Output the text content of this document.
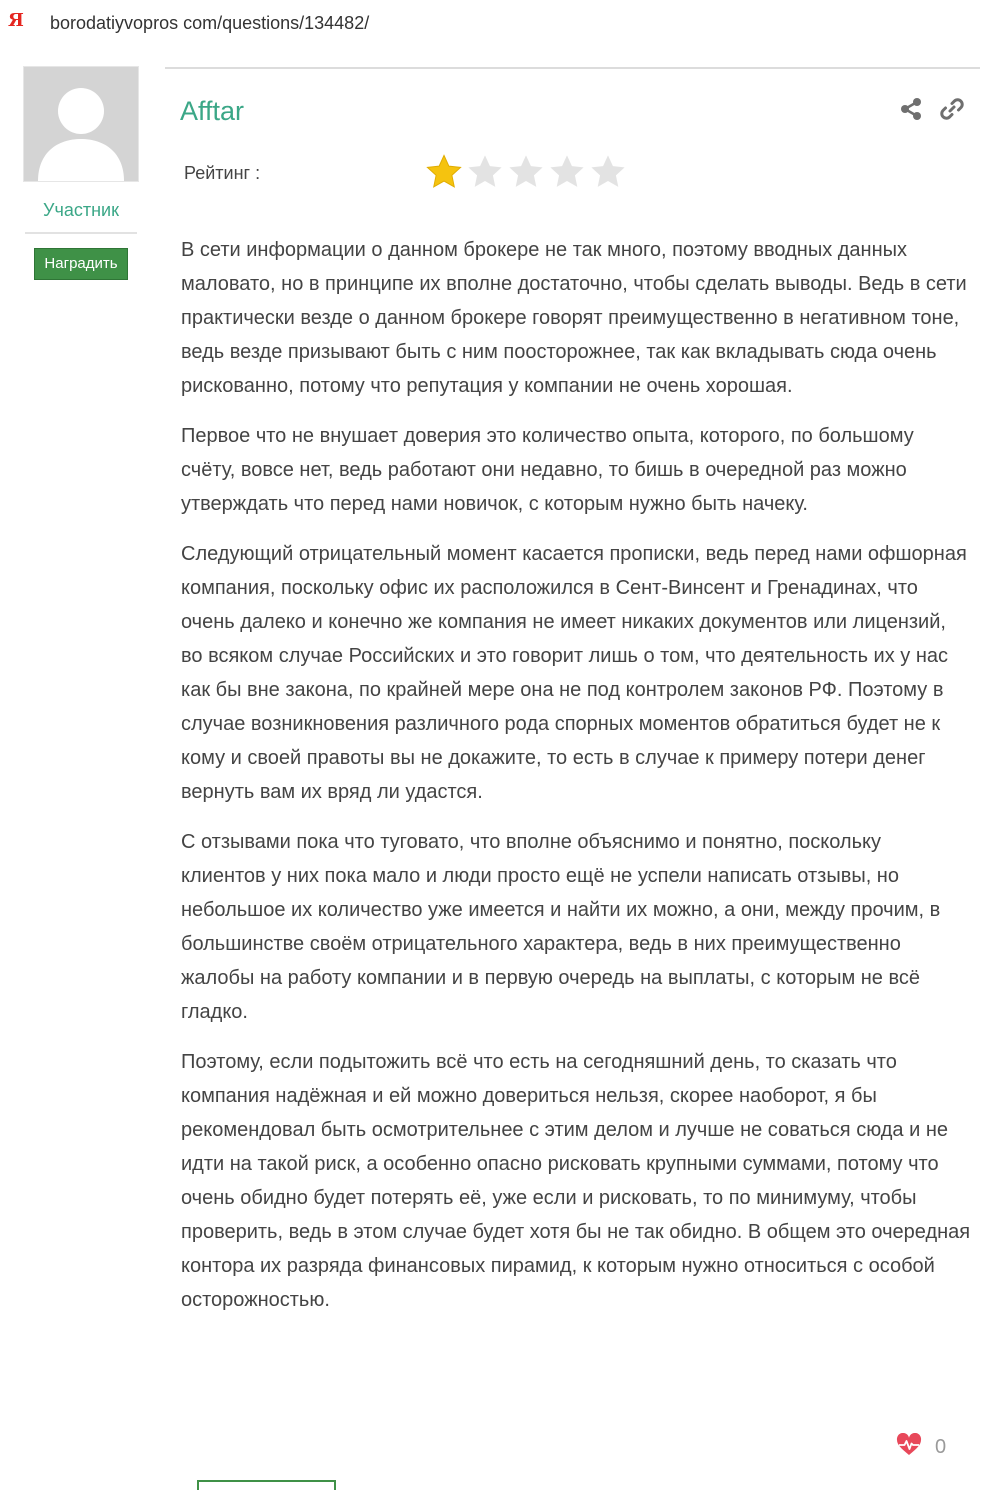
Я borodatiyvopros com/questions/134482/
Участник
Наградить
Afftar
Рейтинг :

В сети информации о данном брокере не так много, поэтому вводных данных маловато, но в принципе их вполне достаточно, чтобы сделать выводы. Ведь в сети практически везде о данном брокере говорят преимущественно в негативном тоне, ведь везде призывают быть с ним поосторожнее, так как вкладывать сюда очень рискованно, потому что репутация у компании не очень хорошая.

Первое что не внушает доверия это количество опыта, которого, по большому счёту, вовсе нет, ведь работают они недавно, то бишь в очередной раз можно утверждать что перед нами новичок, с которым нужно быть начеку.

Следующий отрицательный момент касается прописки, ведь перед нами офшорная компания, поскольку офис их расположился в Сент-Винсент и Гренадинах, что очень далеко и конечно же компания не имеет никаких документов или лицензий, во всяком случае Российских и это говорит лишь о том, что деятельность их у нас как бы вне закона, по крайней мере она не под контролем законов РФ. Поэтому в случае возникновения различного рода спорных моментов обратиться будет не к кому и своей правоты вы не докажите, то есть в случае к примеру потери денег вернуть вам их вряд ли удастся.

С отзывами пока что туговато, что вполне объяснимо и понятно, поскольку клиентов у них пока мало и люди просто ещё не успели написать отзывы, но небольшое их количество уже имеется и найти их можно, а они, между прочим, в большинстве своём отрицательного характера, ведь в них преимущественно жалобы на работу компании и в первую очередь на выплаты, с которым не всё гладко.

Поэтому, если подытожить всё что есть на сегодняшний день, то сказать что компания надёжная и ей можно довериться нельзя, скорее наоборот, я бы рекомендовал быть осмотрительнее с этим делом и лучше не соваться сюда и не идти на такой риск, а особенно опасно рисковать крупными суммами, потому что очень обидно будет потерять её, уже если и рисковать, то по минимуму, чтобы проверить, ведь в этом случае будет хотя бы не так обидно. В общем это очередная контора их разряда финансовых пирамид, к которым нужно относиться с особой осторожностью.

0
